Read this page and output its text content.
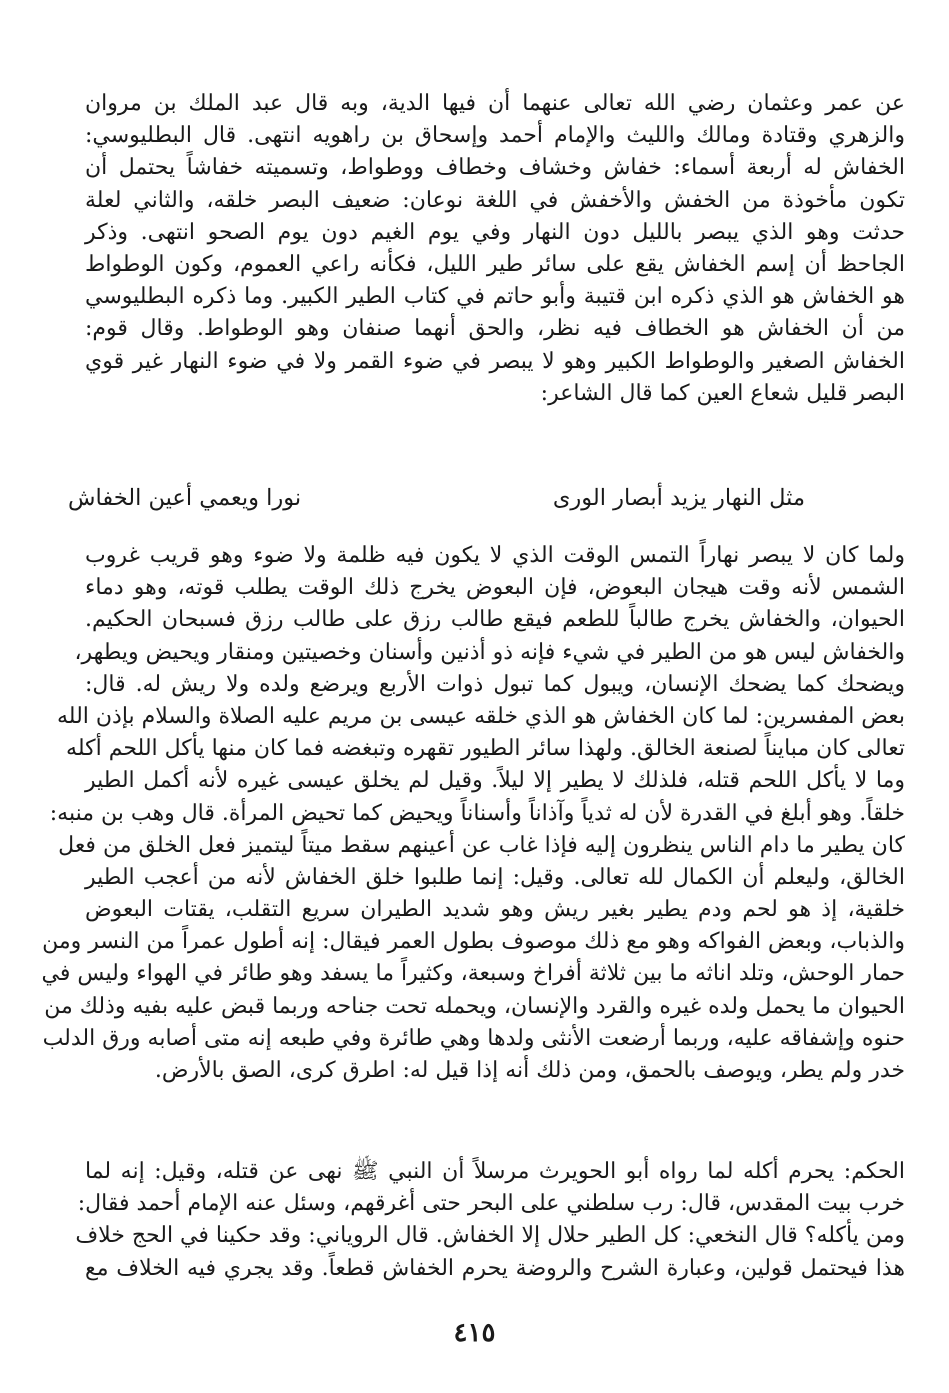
عن عمر وعثمان رضي الله تعالى عنهما أن فيها الدية، وبه قال عبد الملك بن مروان
والزهري وقتادة ومالك والليث والإمام أحمد وإسحاق بن راهويه انتهى. قال البطليوسي:
الخفاش له أربعة أسماء: خفاش وخشاف وخطاف ووطواط، وتسميته خفاشاً يحتمل أن
تكون مأخوذة من الخفش والأخفش في اللغة نوعان: ضعيف البصر خلقه، والثاني لعلة
حدثت وهو الذي يبصر بالليل دون النهار وفي يوم الغيم دون يوم الصحو انتهى. وذكر
الجاحظ أن إسم الخفاش يقع على سائر طير الليل، فكأنه راعي العموم، وكون الوطواط
هو الخفاش هو الذي ذكره ابن قتيبة وأبو حاتم في كتاب الطير الكبير. وما ذكره البطليوسي
من أن الخفاش هو الخطاف فيه نظر، والحق أنهما صنفان وهو الوطواط. وقال قوم:
الخفاش الصغير والوطواط الكبير وهو لا يبصر في ضوء القمر ولا في ضوء النهار غير قوي
البصر قليل شعاع العين كما قال الشاعر:
مثل النهار يزيد أبصار الورى
نورا ويعمي أعين الخفاش
ولما كان لا يبصر نهاراً التمس الوقت الذي لا يكون فيه ظلمة ولا ضوء وهو قريب غروب
الشمس لأنه وقت هيجان البعوض، فإن البعوض يخرج ذلك الوقت يطلب قوته، وهو دماء
الحيوان، والخفاش يخرج طالباً للطعم فيقع طالب رزق على طالب رزق فسبحان الحكيم.
والخفاش ليس هو من الطير في شيء فإنه ذو أذنين وأسنان وخصيتين ومنقار ويحيض ويطهر،
ويضحك كما يضحك الإنسان، ويبول كما تبول ذوات الأربع ويرضع ولده ولا ريش له. قال:
بعض المفسرين: لما كان الخفاش هو الذي خلقه عيسى بن مريم عليه الصلاة والسلام بإذن الله
تعالى كان مبايناً لصنعة الخالق. ولهذا سائر الطيور تقهره وتبغضه فما كان منها يأكل اللحم أكله
وما لا يأكل اللحم قتله، فلذلك لا يطير إلا ليلاً. وقيل لم يخلق عيسى غيره لأنه أكمل الطير
خلقاً. وهو أبلغ في القدرة لأن له ثدياً وآذاناً وأسناناً ويحيض كما تحيض المرأة. قال وهب بن منبه:
كان يطير ما دام الناس ينظرون إليه فإذا غاب عن أعينهم سقط ميتاً ليتميز فعل الخلق من فعل
الخالق، وليعلم أن الكمال لله تعالى. وقيل: إنما طلبوا خلق الخفاش لأنه من أعجب الطير
خلقية، إذ هو لحم ودم يطير بغير ريش وهو شديد الطيران سريع التقلب، يقتات البعوض
والذباب، وبعض الفواكه وهو مع ذلك موصوف بطول العمر فيقال: إنه أطول عمراً من النسر ومن
حمار الوحش، وتلد اناثه ما بين ثلاثة أفراخ وسبعة، وكثيراً ما يسفد وهو طائر في الهواء وليس في
الحيوان ما يحمل ولده غيره والقرد والإنسان، ويحمله تحت جناحه وربما قبض عليه بفيه وذلك من
حنوه وإشفاقه عليه، وربما أرضعت الأنثى ولدها وهي طائرة وفي طبعه إنه متى أصابه ورق الدلب
خدر ولم يطر، ويوصف بالحمق، ومن ذلك أنه إذا قيل له: اطرق كرى، الصق بالأرض.
الحكم: يحرم أكله لما رواه أبو الحويرث مرسلاً أن النبي ﷺ نهى عن قتله، وقيل: إنه لما
خرب بيت المقدس، قال: رب سلطني على البحر حتى أغرقهم، وسئل عنه الإمام أحمد فقال:
ومن يأكله؟ قال النخعي: كل الطير حلال إلا الخفاش. قال الروياني: وقد حكينا في الحج خلاف
هذا فيحتمل قولين، وعبارة الشرح والروضة يحرم الخفاش قطعاً. وقد يجري فيه الخلاف مع
٤١٥
